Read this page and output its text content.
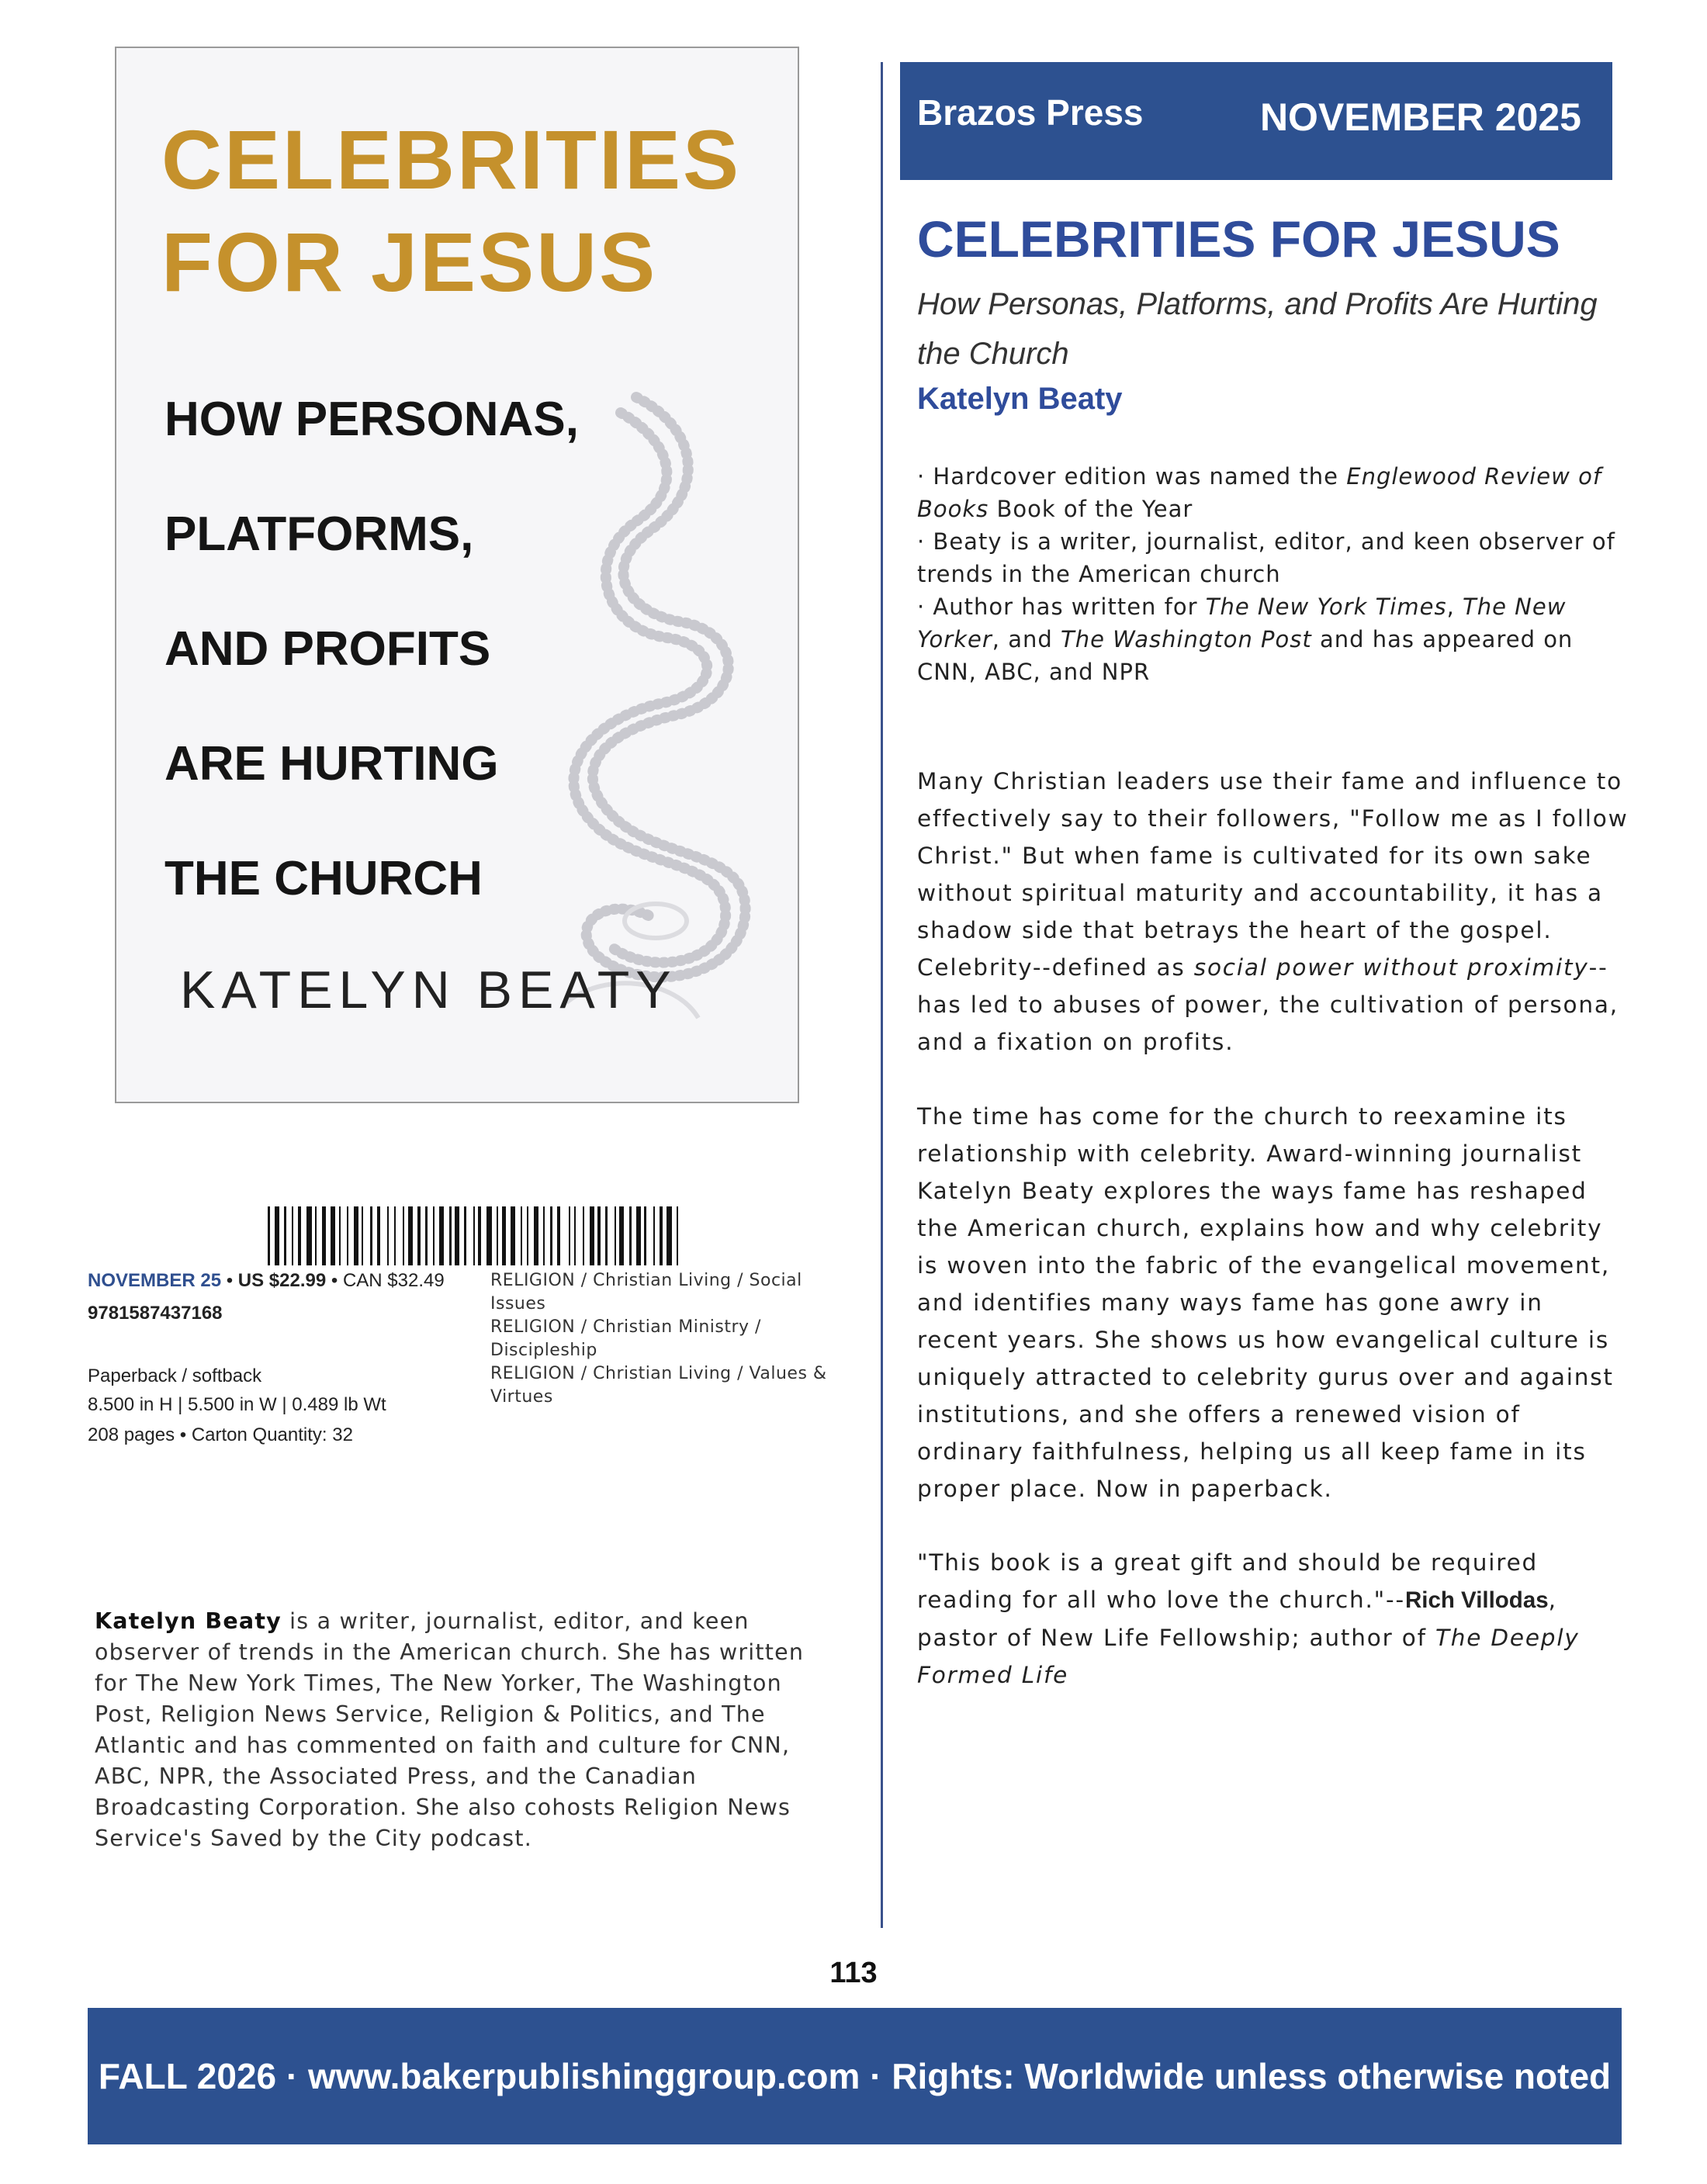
CELEBRITIES
FOR JESUS
HOW PERSONAS,
PLATFORMS,
AND PROFITS
ARE HURTING
THE CHURCH

KATELYN BEATY

NOVEMBER 25 • US $22.99 • CAN $32.49
9781587437168
Paperback / softback
8.500 in H | 5.500 in W | 0.489 lb Wt
208 pages • Carton Quantity: 32
RELIGION / Christian Living / Social Issues
RELIGION / Christian Ministry / Discipleship
RELIGION / Christian Living / Values & Virtues

Katelyn Beaty is a writer, journalist, editor, and keen observer of trends in the American church. She has written for The New York Times, The New Yorker, The Washington Post, Religion News Service, Religion & Politics, and The Atlantic and has commented on faith and culture for CNN, ABC, NPR, the Associated Press, and the Canadian Broadcasting Corporation. She also cohosts Religion News Service's Saved by the City podcast.

Brazos Press	NOVEMBER 2025
CELEBRITIES FOR JESUS

How Personas, Platforms, and Profits Are Hurting the Church

Katelyn Beaty

· Hardcover edition was named the Englewood Review of Books Book of the Year

· Beaty is a writer, journalist, editor, and keen observer of trends in the American church

· Author has written for The New York Times, The New Yorker, and The Washington Post and has appeared on CNN, ABC, and NPR

Many Christian leaders use their fame and influence to effectively say to their followers, "Follow me as I follow Christ." But when fame is cultivated for its own sake without spiritual maturity and accountability, it has a shadow side that betrays the heart of the gospel. Celebrity--defined as social power without proximity--has led to abuses of power, the cultivation of persona, and a fixation on profits.

The time has come for the church to reexamine its relationship with celebrity. Award-winning journalist Katelyn Beaty explores the ways fame has reshaped the American church, explains how and why celebrity is woven into the fabric of the evangelical movement, and identifies many ways fame has gone awry in recent years. She shows us how evangelical culture is uniquely attracted to celebrity gurus over and against institutions, and she offers a renewed vision of ordinary faithfulness, helping us all keep fame in its proper place. Now in paperback.

"This book is a great gift and should be required reading for all who love the church."--Rich Villodas, pastor of New Life Fellowship; author of The Deeply Formed Life

113
FALL 2026 · www.bakerpublishinggroup.com · Rights: Worldwide unless otherwise noted
